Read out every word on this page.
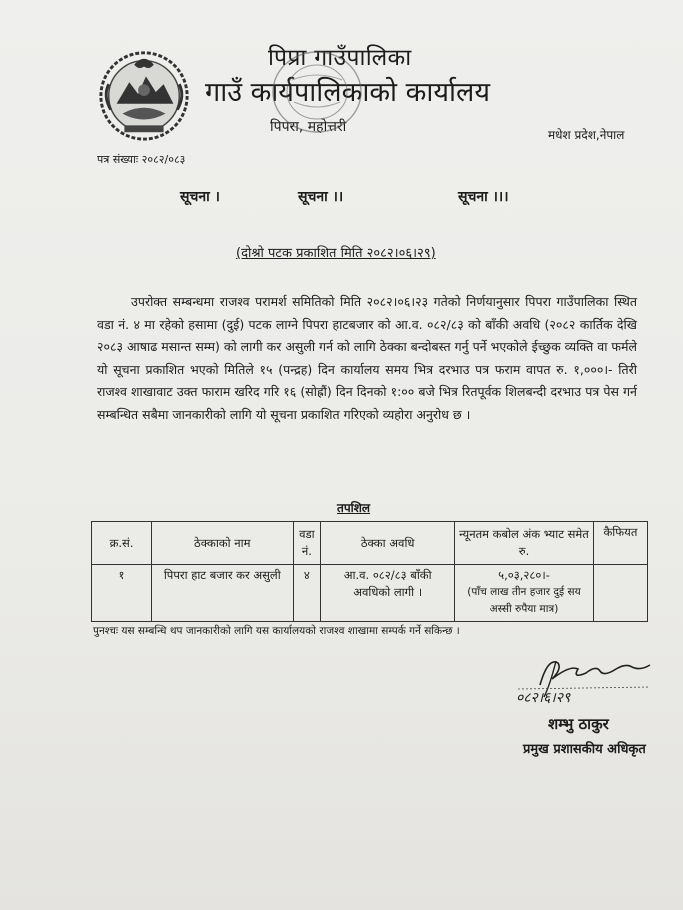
पिप्रा गाउँपालिका
गाउँ कार्यपालिकाको कार्यालय
पिपरा, महोत्तरी	मधेश प्रदेश,नेपाल
पत्र संख्याः २०८२/०८३
सूचना ।	सूचना ।।	सूचना ।।।
(दोश्रो पटक प्रकाशित मिति २०८२।०६।२९)
उपरोक्त सम्बन्धमा राजश्व परामर्श समितिको मिति २०८२।०६।२३ गतेको निर्णयानुसार पिपरा गाउँपालिका स्थित वडा नं. ४ मा रहेको हसामा (दुई) पटक लाग्ने पिपरा हाटबजार को आ.व. ०८२/८३ को बाँकी अवधि (२०८२ कार्तिक देखि २०८३ आषाढ मसान्त सम्म) को लागी कर असुली गर्न को लागि ठेक्का बन्दोबस्त गर्नु पर्ने भएकोले ईच्छुक व्यक्ति वा फर्मले यो सूचना प्रकाशित भएको मितिले १५ (पन्द्रह) दिन कार्यालय समय भित्र दरभाउ पत्र फराम वापत रु. १,०००।- तिरी राजश्व शाखावाट उक्त फाराम खरिद गरि १६ (सोह्रौं) दिन दिनको १:०० बजे भित्र रितपूर्वक शिलबन्दी दरभाउ पत्र पेस गर्न सम्बन्धित सबैमा जानकारीको लागि यो सूचना प्रकाशित गरिएको व्यहोरा अनुरोध छ ।
तपशिल
क्र.सं.	ठेक्काको नाम	वडा नं.	ठेक्का अवधि	न्यूनतम कबोल अंक भ्याट समेत रु.	कैफियत
१	पिपरा हाट बजार कर असुली	४	आ.व. ०८२/८३ बाँकी अवधिको लागी ।	५,०३,२८०।-
(पाँच लाख तीन हजार दुई सय अस्सी रुपैया मात्र)	

पुनश्चः यस सम्बन्धि थप जानकारीको लागि यस कार्यालयको राजश्व शाखामा सम्पर्क गर्ने सकिन्छ ।
०८२।६।२९
शम्भु ठाकुर
प्रमुख प्रशासकीय अधिकृत
